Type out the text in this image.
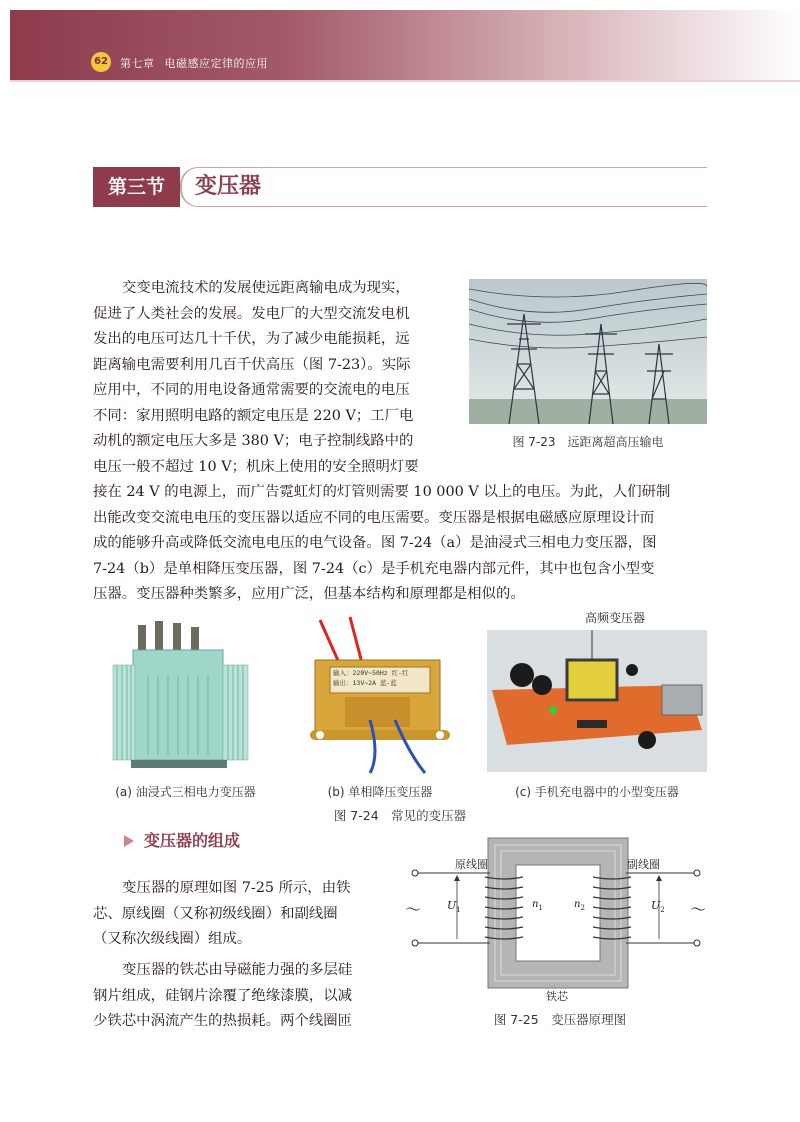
62 第七章 电磁感应定律的应用
第三节	变压器
交变电流技术的发展使远距离输电成为现实，
促进了人类社会的发展。发电厂的大型交流发电机
发出的电压可达几十千伏，为了减少电能损耗，远
距离输电需要利用几百千伏高压（图 7-23）。实际
应用中，不同的用电设备通常需要的交流电的电压
不同：家用照明电路的额定电压是 220 V；工厂电
动机的额定电压大多是 380 V；电子控制线路中的
电压一般不超过 10 V；机床上使用的安全照明灯要
接在 24 V 的电源上，而广告霓虹灯的灯管则需要 10 000 V 以上的电压。为此，人们研制
出能改变交流电电压的变压器以适应不同的电压需要。变压器是根据电磁感应原理设计而
成的能够升高或降低交流电电压的电气设备。图 7-24（a）是油浸式三相电力变压器，图
7-24（b）是单相降压变压器，图 7-24（c）是手机充电器内部元件，其中也包含小型变
压器。变压器种类繁多，应用广泛，但基本结构和原理都是相似的。
图 7-23　远距离超高压输电
(a) 油浸式三相电力变压器
输入：220V~50Hz 红-红
输出：13V~2A 蓝-蓝
(b) 单相降压变压器
高频变压器
(c) 手机充电器中的小型变压器
图 7-24　常见的变压器
变压器的组成
变压器的原理如图 7-25 所示，由铁
芯、原线圈（又称初级线圈）和副线圈
（又称次级线圈）组成。
变压器的铁芯由导磁能力强的多层硅
钢片组成，硅钢片涂覆了绝缘漆膜，以减
少铁芯中涡流产生的热损耗。两个线圈匝
原线圈	副线圈
$U_1$	$U_2$
$n_1$	$n_2$
～	～
铁芯
图 7-25　变压器原理图
